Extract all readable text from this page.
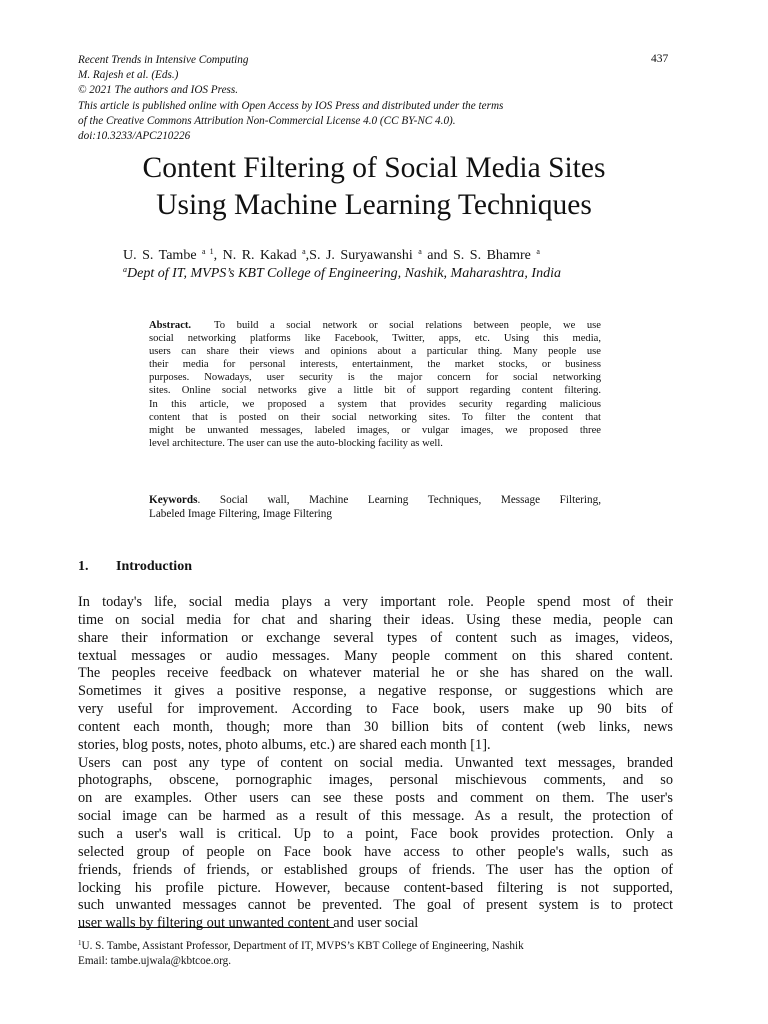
Recent Trends in Intensive Computing
M. Rajesh et al. (Eds.)
© 2021 The authors and IOS Press.
This article is published online with Open Access by IOS Press and distributed under the terms
of the Creative Commons Attribution Non-Commercial License 4.0 (CC BY-NC 4.0).
doi:10.3233/APC210226
437
Content Filtering of Social Media Sites
Using Machine Learning Techniques
U. S. Tambe $^{a 1}$, N. R. Kakad $^a$,S. J. Suryawanshi $^a$ and S. S. Bhamre $^a$
$^a$Dept of IT, MVPS’s KBT College of Engineering, Nashik, Maharashtra, India
Abstract. To build a social network or social relations between people, we use
social networking platforms like Facebook, Twitter, apps, etc. Using this media,
users can share their views and opinions about a particular thing. Many people use
their media for personal interests, entertainment, the market stocks, or business
purposes. Nowadays, user security is the major concern for social networking
sites. Online social networks give a little bit of support regarding content filtering.
In this article, we proposed a system that provides security regarding malicious
content that is posted on their social networking sites. To filter the content that
might be unwanted messages, labeled images, or vulgar images, we proposed three
level architecture. The user can use the auto-blocking facility as well.
Keywords. Social wall, Machine Learning Techniques, Message Filtering,
Labeled Image Filtering, Image Filtering
1. Introduction
In today's life, social media plays a very important role. People spend most of their
time on social media for chat and sharing their ideas. Using these media, people can
share their information or exchange several types of content such as images, videos,
textual messages or audio messages. Many people comment on this shared content.
The peoples receive feedback on whatever material he or she has shared on the wall.
Sometimes it gives a positive response, a negative response, or suggestions which are
very useful for improvement. According to Face book, users make up 90 bits of
content each month, though; more than 30 billion bits of content (web links, news
stories, blog posts, notes, photo albums, etc.) are shared each month [1].
Users can post any type of content on social media. Unwanted text messages, branded
photographs, obscene, pornographic images, personal mischievous comments, and so
on are examples. Other users can see these posts and comment on them. The user's
social image can be harmed as a result of this message. As a result, the protection of
such a user's wall is critical. Up to a point, Face book provides protection. Only a
selected group of people on Face book have access to other people's walls, such as
friends, friends of friends, or established groups of friends. The user has the option of
locking his profile picture. However, because content-based filtering is not supported,
such unwanted messages cannot be prevented. The goal of present system is to protect
user walls by filtering out unwanted content and user social
$^1$U. S. Tambe, Assistant Professor, Department of IT, MVPS’s KBT College of Engineering, Nashik
Email: tambe.ujwala@kbtcoe.org.
